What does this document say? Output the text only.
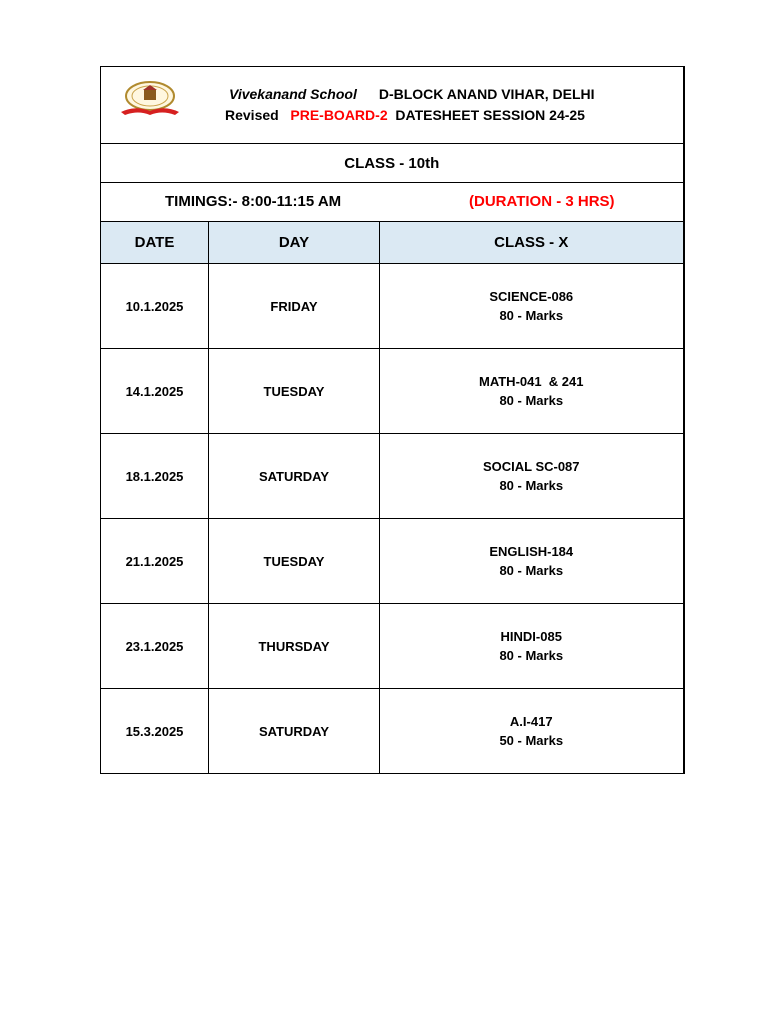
Vivekanand School D-BLOCK ANAND VIHAR, DELHI
Revised PRE-BOARD-2 DATESHEET SESSION 24-25		

CLASS - 10th		

TIMINGS:- 8:00-11:15 AM (DURATION - 3 HRS)		

DATE	DAY	CLASS - X
10.1.2025	FRIDAY	SCIENCE-086
80 - Marks

14.1.2025	TUESDAY	MATH-041  & 241
80 - Marks

18.1.2025	SATURDAY	SOCIAL SC-087
80 - Marks

21.1.2025	TUESDAY	ENGLISH-184
80 - Marks

23.1.2025	THURSDAY	HINDI-085
80 - Marks

15.3.2025	SATURDAY	A.I-417
50 - Marks
